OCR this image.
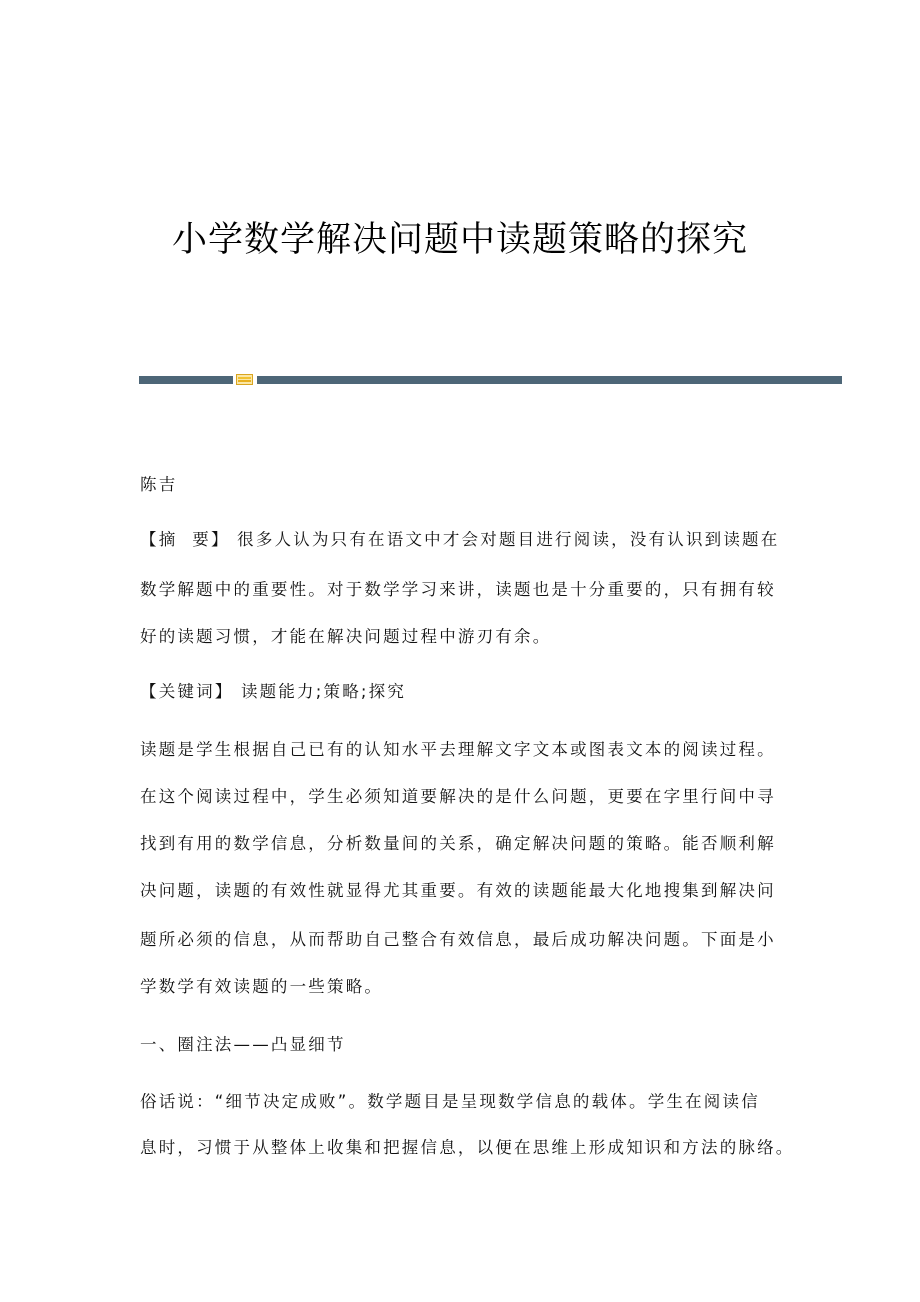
小学数学解决问题中读题策略的探究

陈吉

【摘  要】 很多人认为只有在语文中才会对题目进行阅读，没有认识到读题在

数学解题中的重要性。对于数学学习来讲，读题也是十分重要的，只有拥有较

好的读题习惯，才能在解决问题过程中游刃有余。

【关键词】 读题能力;策略;探究

读题是学生根据自己已有的认知水平去理解文字文本或图表文本的阅读过程。

在这个阅读过程中，学生必须知道要解决的是什么问题，更要在字里行间中寻

找到有用的数学信息，分析数量间的关系，确定解决问题的策略。能否顺利解

决问题，读题的有效性就显得尤其重要。有效的读题能最大化地搜集到解决问

题所必须的信息，从而帮助自己整合有效信息，最后成功解决问题。下面是小

学数学有效读题的一些策略。

一、圈注法——凸显细节

俗话说：“细节决定成败”。数学题目是呈现数学信息的载体。学生在阅读信

息时，习惯于从整体上收集和把握信息，以便在思维上形成知识和方法的脉络。
